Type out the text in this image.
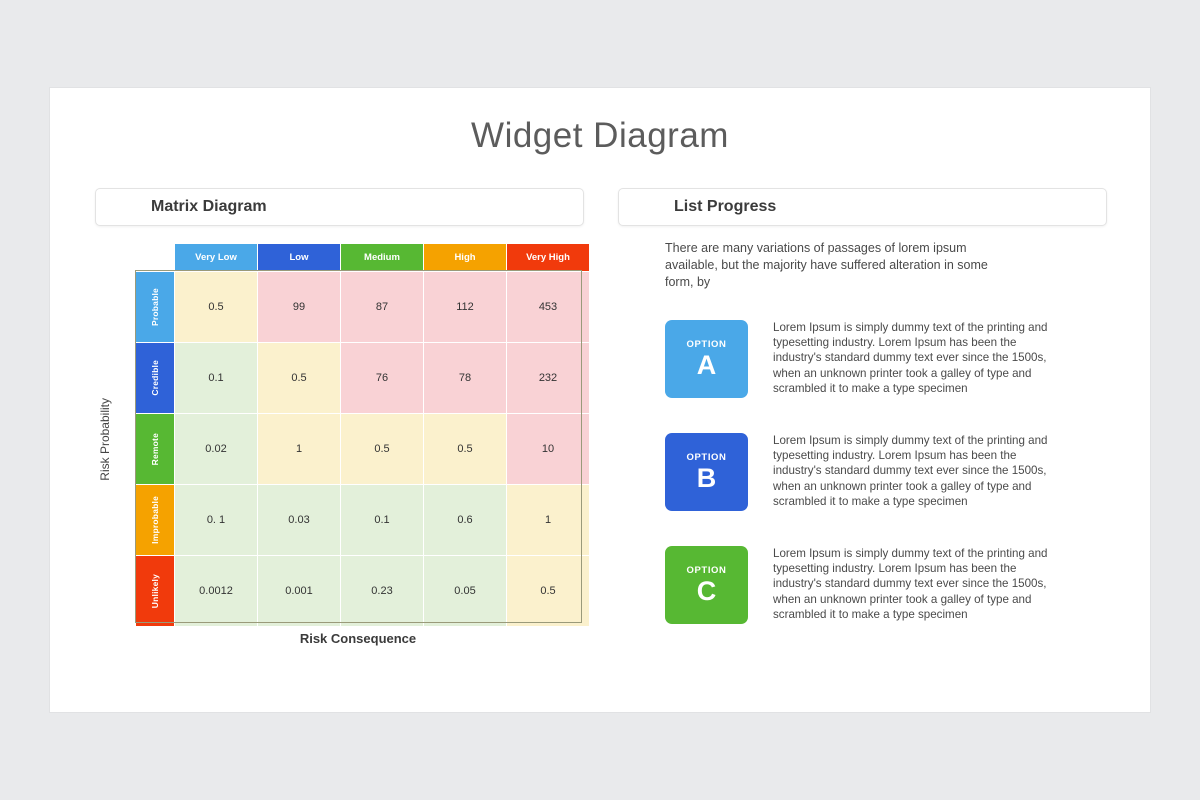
Widget Diagram
Matrix Diagram	List Progress
Risk Probability
Risk Consequence
	Very Low	Low	Medium	High	Very High

Probable	0.5	99	87	112	453

Credible	0.1	0.5	76	78	232

Remote	0.02	1	0.5	0.5	10

Improbable	0. 1	0.03	0.1	0.6	1

Unlikely	0.0012	0.001	0.23	0.05	0.5
There are many variations of passages of lorem ipsum available, but the majority have suffered alteration in some form, by
OPTION
A
Lorem Ipsum is simply dummy text of the printing and typesetting industry. Lorem Ipsum has been the industry's standard dummy text ever since the 1500s, when an unknown printer took a galley of type and scrambled it to make a type specimen
OPTION
B
Lorem Ipsum is simply dummy text of the printing and typesetting industry. Lorem Ipsum has been the industry's standard dummy text ever since the 1500s, when an unknown printer took a galley of type and scrambled it to make a type specimen
OPTION
C
Lorem Ipsum is simply dummy text of the printing and typesetting industry. Lorem Ipsum has been the industry's standard dummy text ever since the 1500s, when an unknown printer took a galley of type and scrambled it to make a type specimen
